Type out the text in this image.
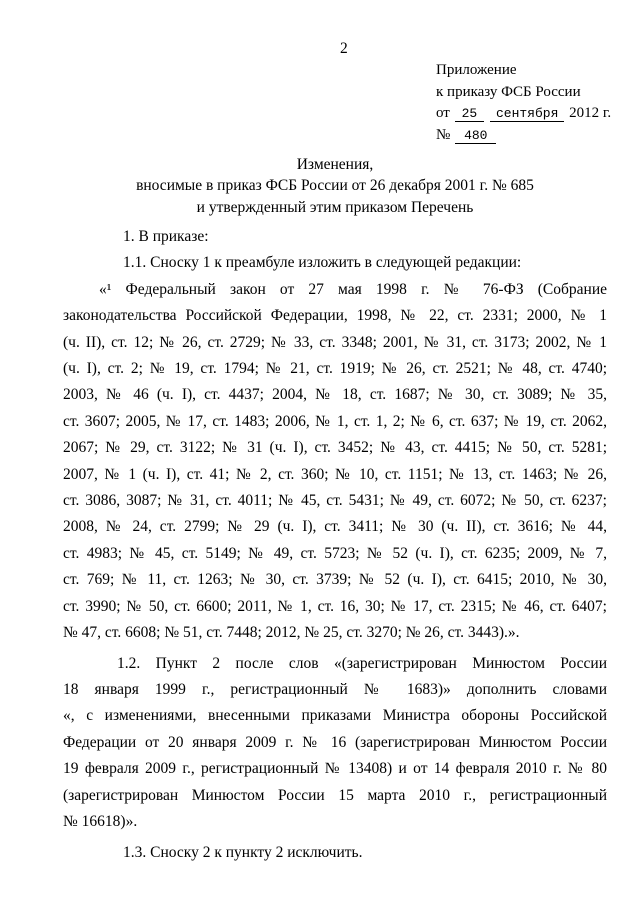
2
Приложение
к приказу ФСБ России
от 25 сентября 2012 г.
№ 480
Изменения,
вносимые в приказ ФСБ России от 26 декабря 2001 г. № 685
и утвержденный этим приказом Перечень
1. В приказе:
1.1. Сноску 1 к преамбуле изложить в следующей редакции:
«¹ Федеральный закон от 27 мая 1998 г. № 76-ФЗ (Собрание
законодательства Российской Федерации, 1998, № 22, ст. 2331; 2000, № 1
(ч. II), ст. 12; № 26, ст. 2729; № 33, ст. 3348; 2001, № 31, ст. 3173; 2002, № 1
(ч. I), ст. 2; № 19, ст. 1794; № 21, ст. 1919; № 26, ст. 2521; № 48, ст. 4740;
2003, № 46 (ч. I), ст. 4437; 2004, № 18, ст. 1687; № 30, ст. 3089; № 35,
ст. 3607; 2005, № 17, ст. 1483; 2006, № 1, ст. 1, 2; № 6, ст. 637; № 19, ст. 2062,
2067; № 29, ст. 3122; № 31 (ч. I), ст. 3452; № 43, ст. 4415; № 50, ст. 5281;
2007, № 1 (ч. I), ст. 41; № 2, ст. 360; № 10, ст. 1151; № 13, ст. 1463; № 26,
ст. 3086, 3087; № 31, ст. 4011; № 45, ст. 5431; № 49, ст. 6072; № 50, ст. 6237;
2008, № 24, ст. 2799; № 29 (ч. I), ст. 3411; № 30 (ч. II), ст. 3616; № 44,
ст. 4983; № 45, ст. 5149; № 49, ст. 5723; № 52 (ч. I), ст. 6235; 2009, № 7,
ст. 769; № 11, ст. 1263; № 30, ст. 3739; № 52 (ч. I), ст. 6415; 2010, № 30,
ст. 3990; № 50, ст. 6600; 2011, № 1, ст. 16, 30; № 17, ст. 2315; № 46, ст. 6407;
№ 47, ст. 6608; № 51, ст. 7448; 2012, № 25, ст. 3270; № 26, ст. 3443).».
1.2. Пункт 2 после слов «(зарегистрирован Минюстом России
18 января 1999 г., регистрационный № 1683)» дополнить словами
«, с изменениями, внесенными приказами Министра обороны Российской
Федерации от 20 января 2009 г. № 16 (зарегистрирован Минюстом России
19 февраля 2009 г., регистрационный № 13408) и от 14 февраля 2010 г. № 80
(зарегистрирован Минюстом России 15 марта 2010 г., регистрационный
№ 16618)».
1.3. Сноску 2 к пункту 2 исключить.
